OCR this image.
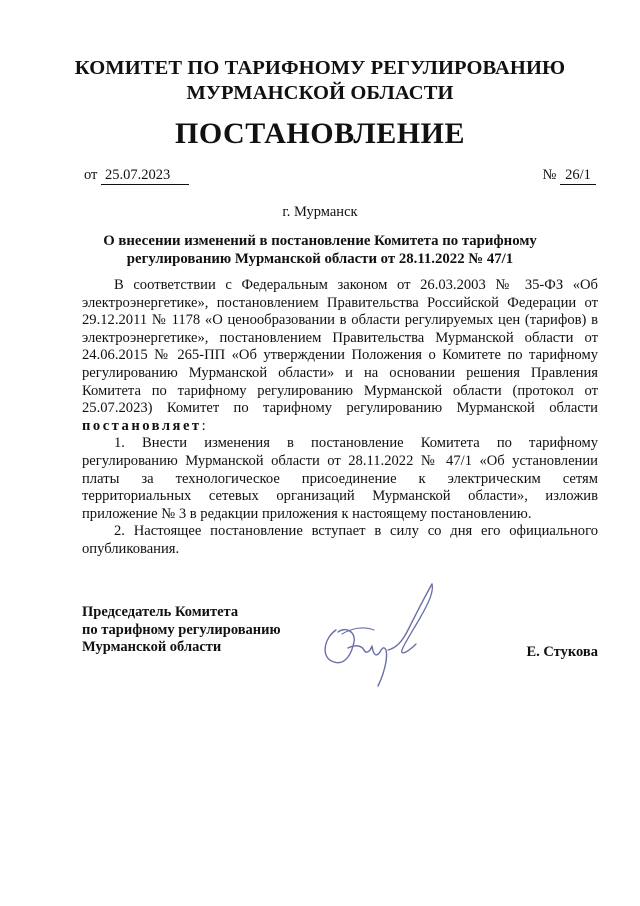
КОМИТЕТ ПО ТАРИФНОМУ РЕГУЛИРОВАНИЮ
МУРМАНСКОЙ ОБЛАСТИ
ПОСТАНОВЛЕНИЕ
от 25.07.2023	№ 26/1
г. Мурманск
О внесении изменений в постановление Комитета по тарифному
регулированию Мурманской области от 28.11.2022 № 47/1

В соответствии с Федеральным законом от 26.03.2003 № 35-ФЗ «Об электроэнергетике», постановлением Правительства Российской Федерации от 29.12.2011 № 1178 «О ценообразовании в области регулируемых цен (тарифов) в электроэнергетике», постановлением Правительства Мурманской области от 24.06.2015 № 265-ПП «Об утверждении Положения о Комитете по тарифному регулированию Мурманской области» и на основании решения Правления Комитета по тарифному регулированию Мурманской области (протокол от 25.07.2023) Комитет по тарифному регулированию Мурманской области постановляет:

1. Внести изменения в постановление Комитета по тарифному регулированию Мурманской области от 28.11.2022 № 47/1 «Об установлении платы за технологическое присоединение к электрическим сетям территориальных сетевых организаций Мурманской области», изложив приложение № 3 в редакции приложения к настоящему постановлению.

2. Настоящее постановление вступает в силу со дня его официального опубликования.

Председатель Комитета
по тарифному регулированию
Мурманской области	Е. Стукова
